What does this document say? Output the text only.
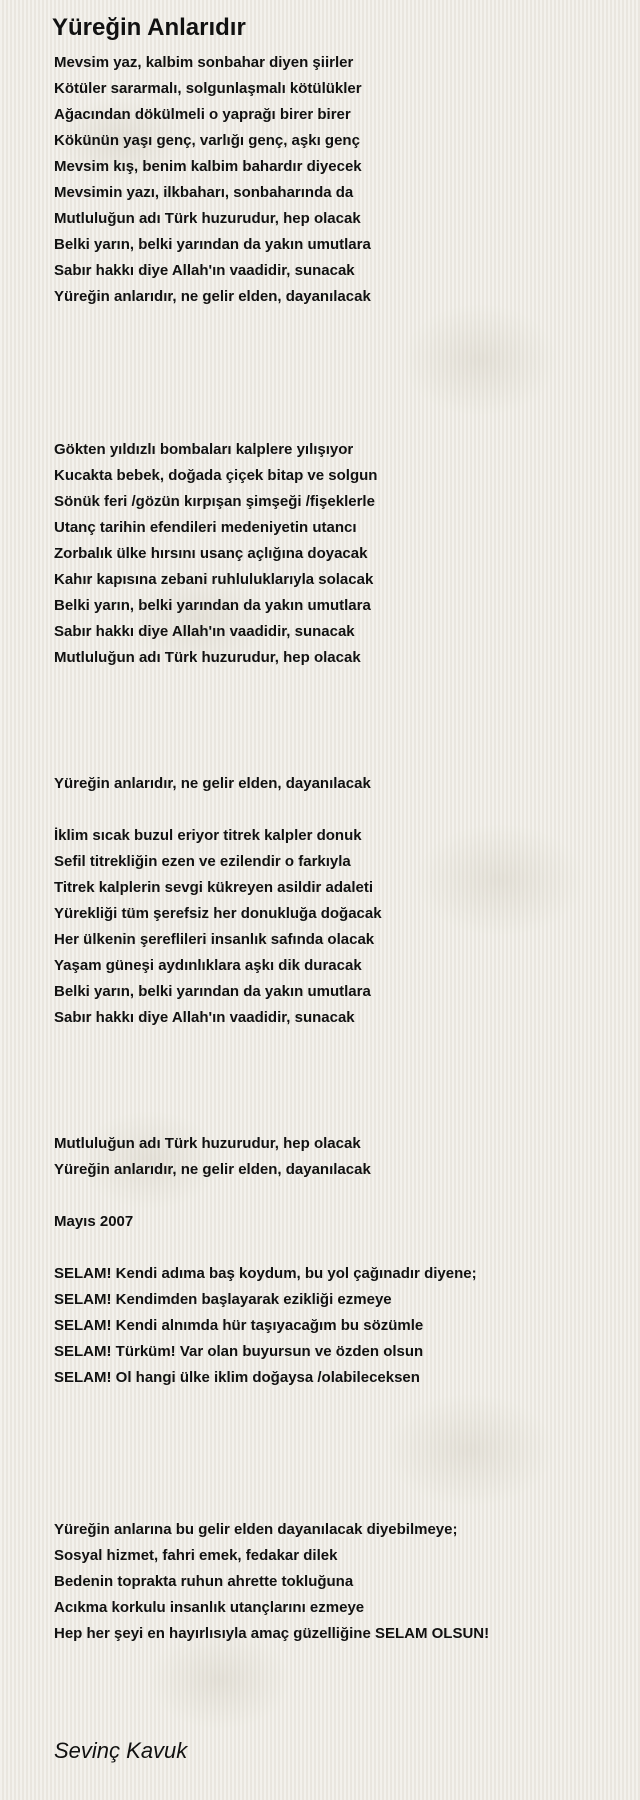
Yüreğin Anlarıdır
Mevsim yaz, kalbim sonbahar diyen şiirler
Kötüler sararmalı, solgunlaşmalı kötülükler
Ağacından dökülmeli o yaprağı birer birer
Kökünün yaşı genç, varlığı genç, aşkı genç
Mevsim kış, benim kalbim bahardır diyecek
Mevsimin yazı, ilkbaharı, sonbaharında da
Mutluluğun adı Türk huzurudur, hep olacak
Belki yarın, belki yarından da yakın umutlara
Sabır hakkı diye Allah'ın vaadidir, sunacak
Yüreğin anlarıdır, ne gelir elden, dayanılacak
Gökten yıldızlı bombaları kalplere yılışıyor
Kucakta bebek, doğada çiçek bitap ve solgun
Sönük feri /gözün kırpışan şimşeği /fişeklerle
Utanç tarihin efendileri medeniyetin utancı
Zorbalık ülke hırsını usanç açlığına doyacak
Kahır kapısına zebani ruhluluklarıyla solacak
Belki yarın, belki yarından da yakın umutlara
Sabır hakkı diye Allah'ın vaadidir, sunacak
Mutluluğun adı Türk huzurudur, hep olacak
Yüreğin anlarıdır, ne gelir elden, dayanılacak
İklim sıcak buzul eriyor titrek kalpler donuk
Sefil titrekliğin ezen ve ezilendir o farkıyla
Titrek kalplerin sevgi kükreyen asildir adaleti
Yürekliği tüm şerefsiz her donukluğa doğacak
Her ülkenin şereflileri insanlık safında olacak
Yaşam güneşi aydınlıklara aşkı dik duracak
Belki yarın, belki yarından da yakın umutlara
Sabır hakkı diye Allah'ın vaadidir, sunacak
Mutluluğun adı Türk huzurudur, hep olacak
Yüreğin anlarıdır, ne gelir elden, dayanılacak
Mayıs 2007
SELAM! Kendi adıma baş koydum, bu yol çağınadır diyene;
SELAM! Kendimden başlayarak ezikliği ezmeye
SELAM! Kendi alnımda hür taşıyacağım bu sözümle
SELAM! Türküm! Var olan buyursun ve özden olsun
SELAM! Ol hangi ülke iklim doğaysa /olabileceksen
Yüreğin anlarına bu gelir elden dayanılacak diyebilmeye;
Sosyal hizmet, fahri emek, fedakar dilek
Bedenin toprakta ruhun ahrette tokluğuna
Acıkma korkulu insanlık utançlarını ezmeye
Hep her şeyi en hayırlısıyla amaç güzelliğine SELAM OLSUN!
Sevinç Kavuk
